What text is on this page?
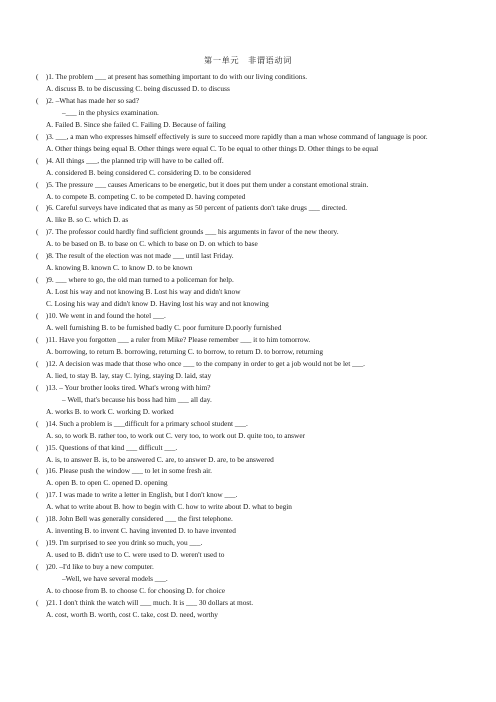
第一单元　非谓语动词
(　)1. The problem ___ at present has something important to do with our living conditions.
A. discuss B. to be discussing C. being discussed D. to discuss
(　)2. –What has made her so sad?
–___ in the physics examination.
A. Failed B. Since she failed C. Failing D. Because of failing
(　)3. ___, a man who expresses himself effectively is sure to succeed more rapidly than a man whose command of language is poor.
A. Other things being equal B. Other things were equal C. To be equal to other things D. Other things to be equal
(　)4. All things ___, the planned trip will have to be called off.
A. considered B. being considered C. considering D. to be considered
(　)5. The pressure ___ causes Americans to be energetic, but it does put them under a constant emotional strain.
A. to compete B. competing C. to be competed D. having competed
(　)6. Careful surveys have indicated that as many as 50 percent of patients don't take drugs ___ directed.
A. like B. so C. which D. as
(　)7. The professor could hardly find sufficient grounds ___ his arguments in favor of the new theory.
A. to be based on B. to base on C. which to base on D. on which to base
(　)8. The result of the election was not made ___ until last Friday.
A. knowing B. known C. to know D. to be known
(　)9. ___ where to go, the old man turned to a policeman for help.
A. Lost his way and not knowing B. Lost his way and didn't know
C. Losing his way and didn't know D. Having lost his way and not knowing
(　)10. We went in and found the hotel ___.
A. well furnishing B. to be furnished badly C. poor furniture D.poorly furnished
(　)11. Have you forgotten ___ a ruler from Mike? Please remember ___ it to him tomorrow.
A. borrowing, to return B. borrowing, returning C. to borrow, to return D. to borrow, returning
(　)12. A decision was made that those who once ___ to the company in order to get a job would not be let ___.
A. lied, to stay B. lay, stay C. lying, staying D. laid, stay
(　)13. – Your brother looks tired. What's wrong with him?
– Well, that's because his boss had him ___ all day.
A. works B. to work C. working D. worked
(　)14. Such a problem is ___difficult for a primary school student ___.
A. so, to work B. rather too, to work out C. very too, to work out D. quite too, to answer
(　)15. Questions of that kind ___ difficult ___.
A. is, to answer B. is, to be answered C. are, to answer D. are, to be answered
(　)16. Please push the window ___ to let in some fresh air.
A. open B. to open C. opened D. opening
(　)17. I was made to write a letter in English, but I don't know ___.
A. what to write about B. how to begin with C. how to write about D. what to begin
(　)18. John Bell was generally considered ___ the first telephone.
A. inventing B. to invent C. having invented D. to have invented
(　)19. I'm surprised to see you drink so much, you ___.
A. used to B. didn't use to C. were used to D. weren't used to
(　)20. –I'd like to buy a new computer.
–Well, we have several models ___.
A. to choose from B. to choose C. for choosing D. for choice
(　)21. I don't think the watch will ___ much. It is ___ 30 dollars at most.
A. cost, worth B. worth, cost C. take, cost D. need, worthy
